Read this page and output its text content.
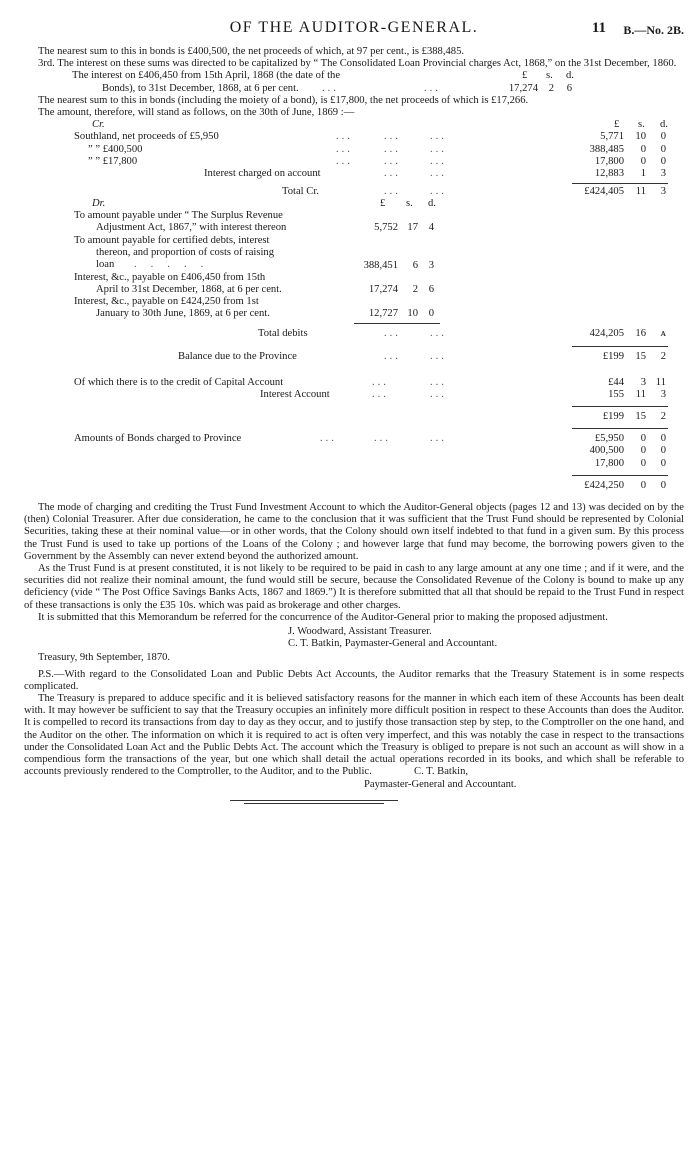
OF THE AUDITOR-GENERAL.	11 B.—No. 2B.

The nearest sum to this in bonds is £400,500, the net proceeds of which, at 97 per cent., is £388,485.

3rd. The interest on these sums was directed to be capitalized by “ The Consolidated Loan Provincial charges Act, 1868,” on the 31st December, 1860.

The interest on £406,450 from 15th April, 1868 (the date of the	£ s. d.
Bonds), to 31st December, 1868, at 6 per cent. ...	...	17,274	2	6

The nearest sum to this in bonds (including the moiety of a bond), is £17,800, the net proceeds of which is £17,266.

The amount, therefore, will stand as follows, on the 30th of June, 1869 :—

Cr.	£ s. d.
Southland, net proceeds of £5,950	...	...	...	5,771	10	0
” ” £400,500	...	...	...	388,485	0	0
” ” £17,800	...	...	...	17,800	0	0
Interest charged on account	...	...	12,883	1	3
Total Cr.	...	...	£424,405	11	3
Dr.	£ s. d.
To amount payable under “ The Surplus Revenue
Adjustment Act, 1867,” with interest thereon	5,752 17	4
To amount payable for certified debts, interest
thereon, and proportion of costs of raising
loan .....	388,451	6	3
Interest, &c., payable on £406,450 from 15th
April to 31st December, 1868, at 6 per cent.	17,274	2	6
Interest, &c., payable on £424,250 from 1st
January to 30th June, 1869, at 6 per cent.	12,727 10	0
Total debits	...	...	424,205	16	ᴀ
Balance due to the Province	...	...	£199	15	2
Of which there is to the credit of Capital Account	...	...	£44	3 11
Interest Account	...	...	155	11	3
£199	15	2
Amounts of Bonds charged to Province	...	...	...	£5,950	0	0
400,500	0	0
17,800	0	0
£424,250	0	0

The mode of charging and crediting the Trust Fund Investment Account to which the Auditor-General objects (pages 12 and 13) was decided on by the (then) Colonial Treasurer. After due consideration, he came to the conclusion that it was sufficient that the Trust Fund should be represented by Colonial Securities, taking these at their nominal value—or in other words, that the Colony should own itself indebted to that fund in a given sum. By this process the Trust Fund is used to take up portions of the Loans of the Colony ; and however large that fund may become, the borrowing powers given to the Government by the Assembly can never extend beyond the authorized amount.

As the Trust Fund is at present constituted, it is not likely to be required to be paid in cash to any large amount at any one time ; and if it were, and the securities did not realize their nominal amount, the fund would still be secure, because the Consolidated Revenue of the Colony is bound to make up any deficiency (vide “ The Post Office Savings Banks Acts, 1867 and 1869.”) It is therefore submitted that all that should be repaid to the Trust Fund in respect of these transactions is only the £35 10s. which was paid as brokerage and other charges.

It is submitted that this Memorandum be referred for the concurrence of the Auditor-General prior to making the proposed adjustment.

J. Woodward, Assistant Treasurer.
C. T. Batkin, Paymaster-General and Accountant.
Treasury, 9th September, 1870.

P.S.—With regard to the Consolidated Loan and Public Debts Act Accounts, the Auditor remarks that the Treasury Statement is in some respects complicated.

The Treasury is prepared to adduce specific and it is believed satisfactory reasons for the manner in which each item of these Accounts has been dealt with. It may however be sufficient to say that the Treasury occupies an infinitely more difficult position in respect to these Accounts than does the Auditor. It is compelled to record its transactions from day to day as they occur, and to justify those transaction step by step, to the Comptroller on the one hand, and the Auditor on the other. The information on which it is required to act is often very imperfect, and this was notably the case in respect to the transactions under the Consolidated Loan Act and the Public Debts Act. The account which the Treasury is obliged to prepare is not such an account as will show in a compendious form the transactions of the year, but one which shall detail the actual operations recorded in its books, and which shall be referable to accounts previously rendered to the Comptroller, to the Auditor, and to the Public.	C. T. Batkin,
Paymaster-General and Accountant.
